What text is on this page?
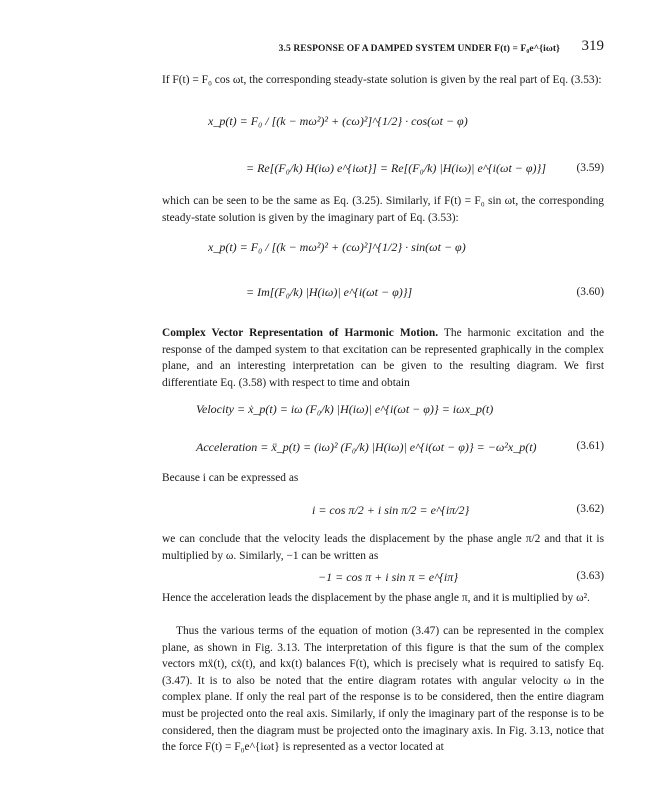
3.5 RESPONSE OF A DAMPED SYSTEM UNDER F(t) = F₀e^{iωt} 319

If F(t) = F₀ cos ωt, the corresponding steady-state solution is given by the real part of Eq. (3.53):

x_p(t) = F₀ / [(k − mω²)² + (cω)²]^{1/2} · cos(ωt − φ)
= Re[(F₀/k) H(iω) e^{iωt}] = Re[(F₀/k) |H(iω)| e^{i(ωt − φ)}]	(3.59)

which can be seen to be the same as Eq. (3.25). Similarly, if F(t) = F₀ sin ωt, the corresponding steady-state solution is given by the imaginary part of Eq. (3.53):

x_p(t) = F₀ / [(k − mω²)² + (cω)²]^{1/2} · sin(ωt − φ)
= Im[(F₀/k) |H(iω)| e^{i(ωt − φ)}]	(3.60)

Complex Vector Representation of Harmonic Motion. The harmonic excitation and the response of the damped system to that excitation can be represented graphically in the complex plane, and an interesting interpretation can be given to the resulting diagram. We first differentiate Eq. (3.58) with respect to time and obtain

Velocity = ẋ_p(t) = iω (F₀/k) |H(iω)| e^{i(ωt − φ)} = iωx_p(t)
Acceleration = ẍ_p(t) = (iω)² (F₀/k) |H(iω)| e^{i(ωt − φ)} = −ω²x_p(t)	(3.61)

Because i can be expressed as

i = cos π/2 + i sin π/2 = e^{iπ/2}	(3.62)

we can conclude that the velocity leads the displacement by the phase angle π/2 and that it is multiplied by ω. Similarly, −1 can be written as

−1 = cos π + i sin π = e^{iπ}	(3.63)

Hence the acceleration leads the displacement by the phase angle π, and it is multiplied by ω².

Thus the various terms of the equation of motion (3.47) can be represented in the complex plane, as shown in Fig. 3.13. The interpretation of this figure is that the sum of the complex vectors mẍ(t), cẋ(t), and kx(t) balances F(t), which is precisely what is required to satisfy Eq. (3.47). It is to also be noted that the entire diagram rotates with angular velocity ω in the complex plane. If only the real part of the response is to be considered, then the entire diagram must be projected onto the real axis. Similarly, if only the imaginary part of the response is to be considered, then the diagram must be projected onto the imaginary axis. In Fig. 3.13, notice that the force F(t) = F₀e^{iωt} is represented as a vector located at
